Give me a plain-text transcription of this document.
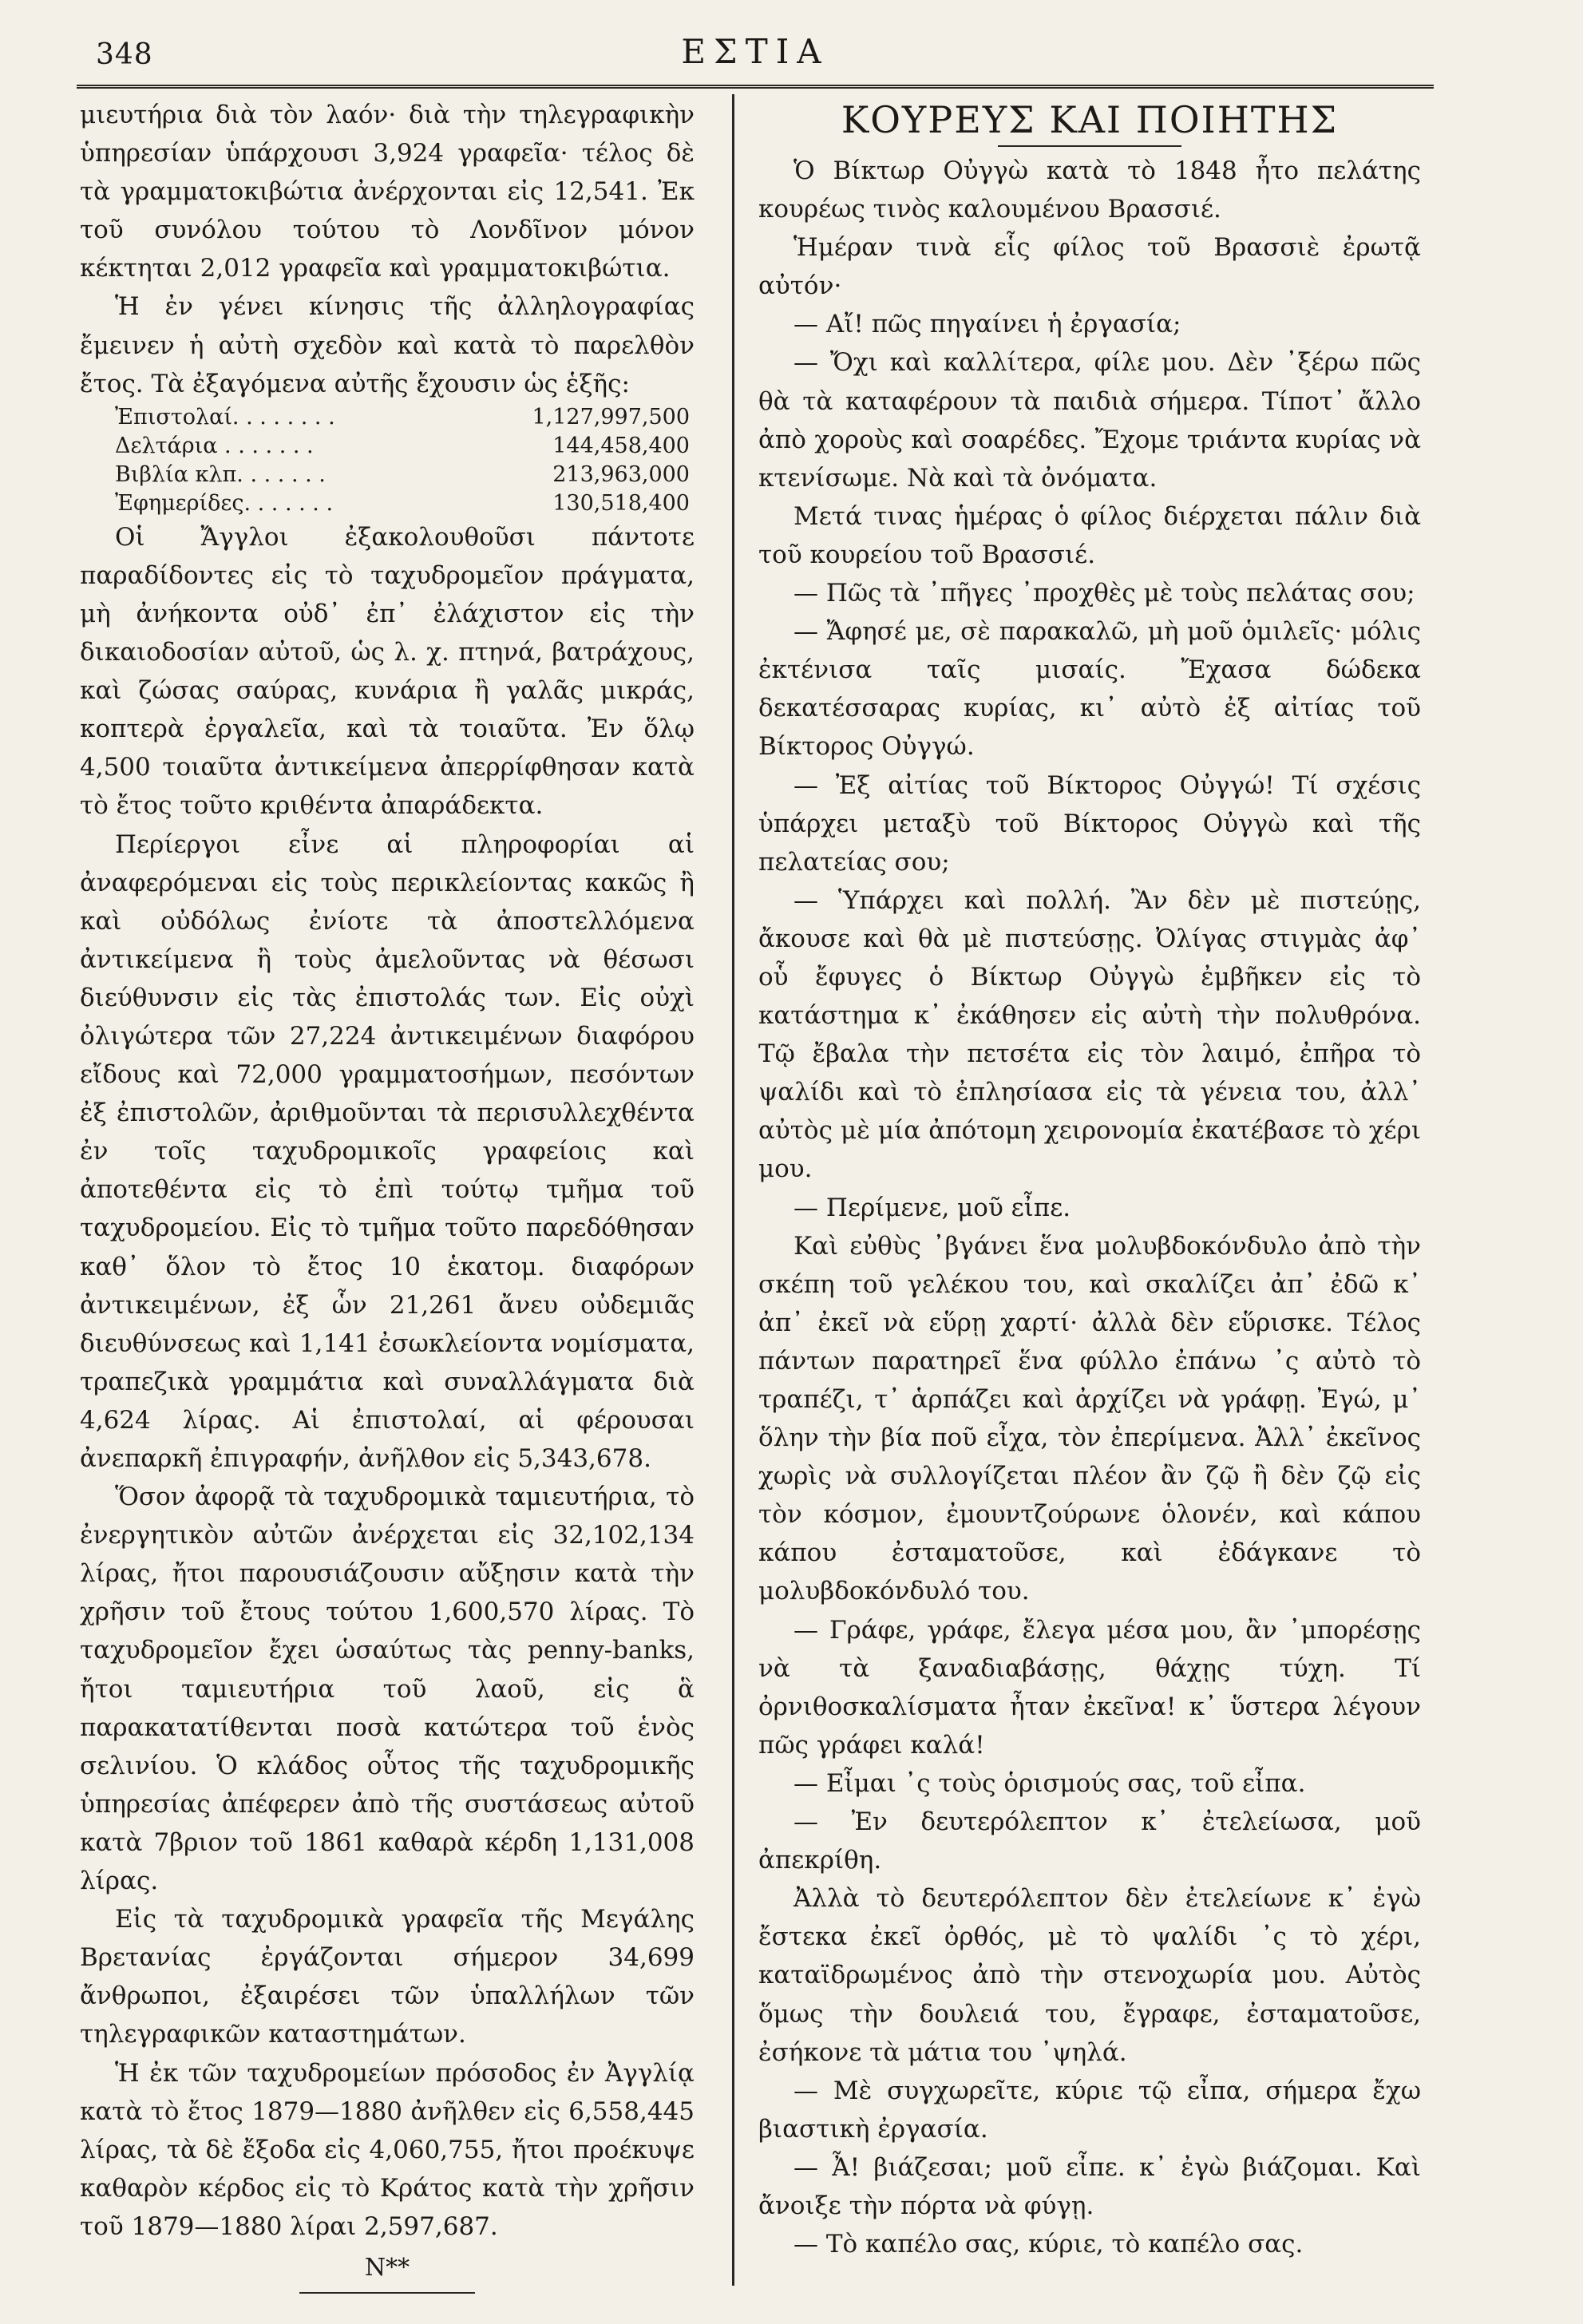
348	ΕΣΤΙΑ

μιευτήρια διὰ τὸν λαόν· διὰ τὴν τηλεγραφικὴν ὑπηρεσίαν ὑπάρχουσι 3,924 γραφεῖα· τέλος δὲ τὰ γραμματοκιβώτια ἀνέρχονται εἰς 12,541. Ἐκ τοῦ συνόλου τούτου τὸ Λονδῖνον μόνον κέκτηται 2,012 γραφεῖα καὶ γραμματοκιβώτια.

Ἡ ἐν γένει κίνησις τῆς ἀλληλογραφίας ἔμεινεν ἡ αὐτὴ σχεδὸν καὶ κατὰ τὸ παρελθὸν ἔτος. Τὰ ἐξαγόμενα αὐτῆς ἔχουσιν ὡς ἑξῆς:

Ἐπιστολαί. . . . . . . .	1,127,997,500
Δελτάρια . . . . . . .	144,458,400
Βιβλία κλπ. . . . . . .	213,963,000
Ἐφημερίδες. . . . . . .	130,518,400

Οἱ Ἄγγλοι ἐξακολουθοῦσι πάντοτε παραδίδοντες εἰς τὸ ταχυδρομεῖον πράγματα, μὴ ἀνήκοντα οὐδ᾽ ἐπ᾽ ἐλάχιστον εἰς τὴν δικαιοδοσίαν αὐτοῦ, ὡς λ. χ. πτηνά, βατράχους, καὶ ζώσας σαύρας, κυνάρια ἢ γαλᾶς μικράς, κοπτερὰ ἐργαλεῖα, καὶ τὰ τοιαῦτα. Ἐν ὅλῳ 4,500 τοιαῦτα ἀντικείμενα ἀπερρίφθησαν κατὰ τὸ ἔτος τοῦτο κριθέντα ἀπαράδεκτα.

Περίεργοι εἶνε αἱ πληροφορίαι αἱ ἀναφερόμεναι εἰς τοὺς περικλείοντας κακῶς ἢ καὶ οὐδόλως ἐνίοτε τὰ ἀποστελλόμενα ἀντικείμενα ἢ τοὺς ἀμελοῦντας νὰ θέσωσι διεύθυνσιν εἰς τὰς ἐπιστολάς των. Εἰς οὐχὶ ὀλιγώτερα τῶν 27,224 ἀντικειμένων διαφόρου εἴδους καὶ 72,000 γραμματοσήμων, πεσόντων ἐξ ἐπιστολῶν, ἀριθμοῦνται τὰ περισυλλεχθέντα ἐν τοῖς ταχυδρομικοῖς γραφείοις καὶ ἀποτεθέντα εἰς τὸ ἐπὶ τούτῳ τμῆμα τοῦ ταχυδρομείου. Εἰς τὸ τμῆμα τοῦτο παρεδόθησαν καθ᾽ ὅλον τὸ ἔτος 10 ἑκατομ. διαφόρων ἀντικειμένων, ἐξ ὧν 21,261 ἄνευ οὐδεμιᾶς διευθύνσεως καὶ 1,141 ἐσωκλείοντα νομίσματα, τραπεζικὰ γραμμάτια καὶ συναλλάγματα διὰ 4,624 λίρας. Αἱ ἐπιστολαί, αἱ φέρουσαι ἀνεπαρκῆ ἐπιγραφήν, ἀνῆλθον εἰς 5,343,678.

Ὅσον ἀφορᾷ τὰ ταχυδρομικὰ ταμιευτήρια, τὸ ἐνεργητικὸν αὐτῶν ἀνέρχεται εἰς 32,102,134 λίρας, ἤτοι παρουσιάζουσιν αὔξησιν κατὰ τὴν χρῆσιν τοῦ ἔτους τούτου 1,600,570 λίρας. Τὸ ταχυδρομεῖον ἔχει ὡσαύτως τὰς penny-banks, ἤτοι ταμιευτήρια τοῦ λαοῦ, εἰς ἃ παρακατατίθενται ποσὰ κατώτερα τοῦ ἑνὸς σελινίου. Ὁ κλάδος οὗτος τῆς ταχυδρομικῆς ὑπηρεσίας ἀπέφερεν ἀπὸ τῆς συστάσεως αὐτοῦ κατὰ 7βριον τοῦ 1861 καθαρὰ κέρδη 1,131,008 λίρας.

Εἰς τὰ ταχυδρομικὰ γραφεῖα τῆς Μεγάλης Βρετανίας ἐργάζονται σήμερον 34,699 ἄνθρωποι, ἐξαιρέσει τῶν ὑπαλλήλων τῶν τηλεγραφικῶν καταστημάτων.

Ἡ ἐκ τῶν ταχυδρομείων πρόσοδος ἐν Ἀγγλίᾳ κατὰ τὸ ἔτος 1879—1880 ἀνῆλθεν εἰς 6,558,445 λίρας, τὰ δὲ ἔξοδα εἰς 4,060,755, ἤτοι προέκυψε καθαρὸν κέρδος εἰς τὸ Κράτος κατὰ τὴν χρῆσιν τοῦ 1879—1880 λίραι 2,597,687.

Ν**
ΚΟΥΡΕΥΣ ΚΑΙ ΠΟΙΗΤΗΣ

Ὁ Βίκτωρ Οὐγγὼ κατὰ τὸ 1848 ἦτο πελάτης κουρέως τινὸς καλουμένου Βρασσιέ.

Ἡμέραν τινὰ εἷς φίλος τοῦ Βρασσιὲ ἐρωτᾷ αὐτόν·

— Αἴ! πῶς πηγαίνει ἡ ἐργασία;

— Ὄχι καὶ καλλίτερα, φίλε μου. Δὲν ᾽ξέρω πῶς θὰ τὰ καταφέρουν τὰ παιδιὰ σήμερα. Τίποτ᾽ ἄλλο ἀπὸ χοροὺς καὶ σοαρέδες. Ἔχομε τριάντα κυρίας νὰ κτενίσωμε. Νὰ καὶ τὰ ὀνόματα.

Μετά τινας ἡμέρας ὁ φίλος διέρχεται πάλιν διὰ τοῦ κουρείου τοῦ Βρασσιέ.

— Πῶς τὰ ᾽πῆγες ᾽προχθὲς μὲ τοὺς πελάτας σου;

— Ἄφησέ με, σὲ παρακαλῶ, μὴ μοῦ ὁμιλεῖς· μόλις ἐκτένισα ταῖς μισαίς. Ἔχασα δώδεκα δεκατέσσαρας κυρίας, κι᾽ αὐτὸ ἐξ αἰτίας τοῦ Βίκτορος Οὐγγώ.

— Ἐξ αἰτίας τοῦ Βίκτορος Οὐγγώ! Τί σχέσις ὑπάρχει μεταξὺ τοῦ Βίκτορος Οὐγγὼ καὶ τῆς πελατείας σου;

— Ὑπάρχει καὶ πολλή. Ἂν δὲν μὲ πιστεύῃς, ἄκουσε καὶ θὰ μὲ πιστεύσῃς. Ὀλίγας στιγμὰς ἀφ᾽ οὗ ἔφυγες ὁ Βίκτωρ Οὐγγὼ ἐμβῆκεν εἰς τὸ κατάστημα κ᾽ ἐκάθησεν εἰς αὐτὴ τὴν πολυθρόνα. Τῷ ἔβαλα τὴν πετσέτα εἰς τὸν λαιμό, ἐπῆρα τὸ ψαλίδι καὶ τὸ ἐπλησίασα εἰς τὰ γένεια του, ἀλλ᾽ αὐτὸς μὲ μία ἀπότομη χειρονομία ἐκατέβασε τὸ χέρι μου.

— Περίμενε, μοῦ εἶπε.

Καὶ εὐθὺς ᾽βγάνει ἕνα μολυβδοκόνδυλο ἀπὸ τὴν σκέπη τοῦ γελέκου του, καὶ σκαλίζει ἀπ᾽ ἐδῶ κ᾽ ἀπ᾽ ἐκεῖ νὰ εὕρῃ χαρτί· ἀλλὰ δὲν εὕρισκε. Τέλος πάντων παρατηρεῖ ἕνα φύλλο ἐπάνω ᾽ς αὐτὸ τὸ τραπέζι, τ᾽ ἁρπάζει καὶ ἀρχίζει νὰ γράφῃ. Ἐγώ, μ᾽ ὅλην τὴν βία ποῦ εἶχα, τὸν ἐπερίμενα. Ἀλλ᾽ ἐκεῖνος χωρὶς νὰ συλλογίζεται πλέον ἂν ζῷ ἢ δὲν ζῷ εἰς τὸν κόσμον, ἐμουντζούρωνε ὁλονέν, καὶ κάπου κάπου ἐσταματοῦσε, καὶ ἐδάγκανε τὸ μολυβδοκόνδυλό του.

— Γράφε, γράφε, ἔλεγα μέσα μου, ἂν ᾽μπορέσῃς νὰ τὰ ξαναδιαβάσῃς, θάχῃς τύχη. Τί ὀρνιθοσκαλίσματα ἦταν ἐκεῖνα! κ᾽ ὕστερα λέγουν πῶς γράφει καλά!

— Εἶμαι ᾽ς τοὺς ὁρισμούς σας, τοῦ εἶπα.

— Ἐν δευτερόλεπτον κ᾽ ἐτελείωσα, μοῦ ἀπεκρίθη.

Ἀλλὰ τὸ δευτερόλεπτον δὲν ἐτελείωνε κ᾽ ἐγὼ ἔστεκα ἐκεῖ ὀρθός, μὲ τὸ ψαλίδι ᾽ς τὸ χέρι, καταϊδρωμένος ἀπὸ τὴν στενοχωρία μου. Αὐτὸς ὅμως τὴν δουλειά του, ἔγραφε, ἐσταματοῦσε, ἐσήκονε τὰ μάτια του ᾽ψηλά.

— Μὲ συγχωρεῖτε, κύριε τῷ εἶπα, σήμερα ἔχω βιαστικὴ ἐργασία.

— Ἆ! βιάζεσαι; μοῦ εἶπε. κ᾽ ἐγὼ βιάζομαι. Καὶ ἄνοιξε τὴν πόρτα νὰ φύγῃ.

— Τὸ καπέλο σας, κύριε, τὸ καπέλο σας.
